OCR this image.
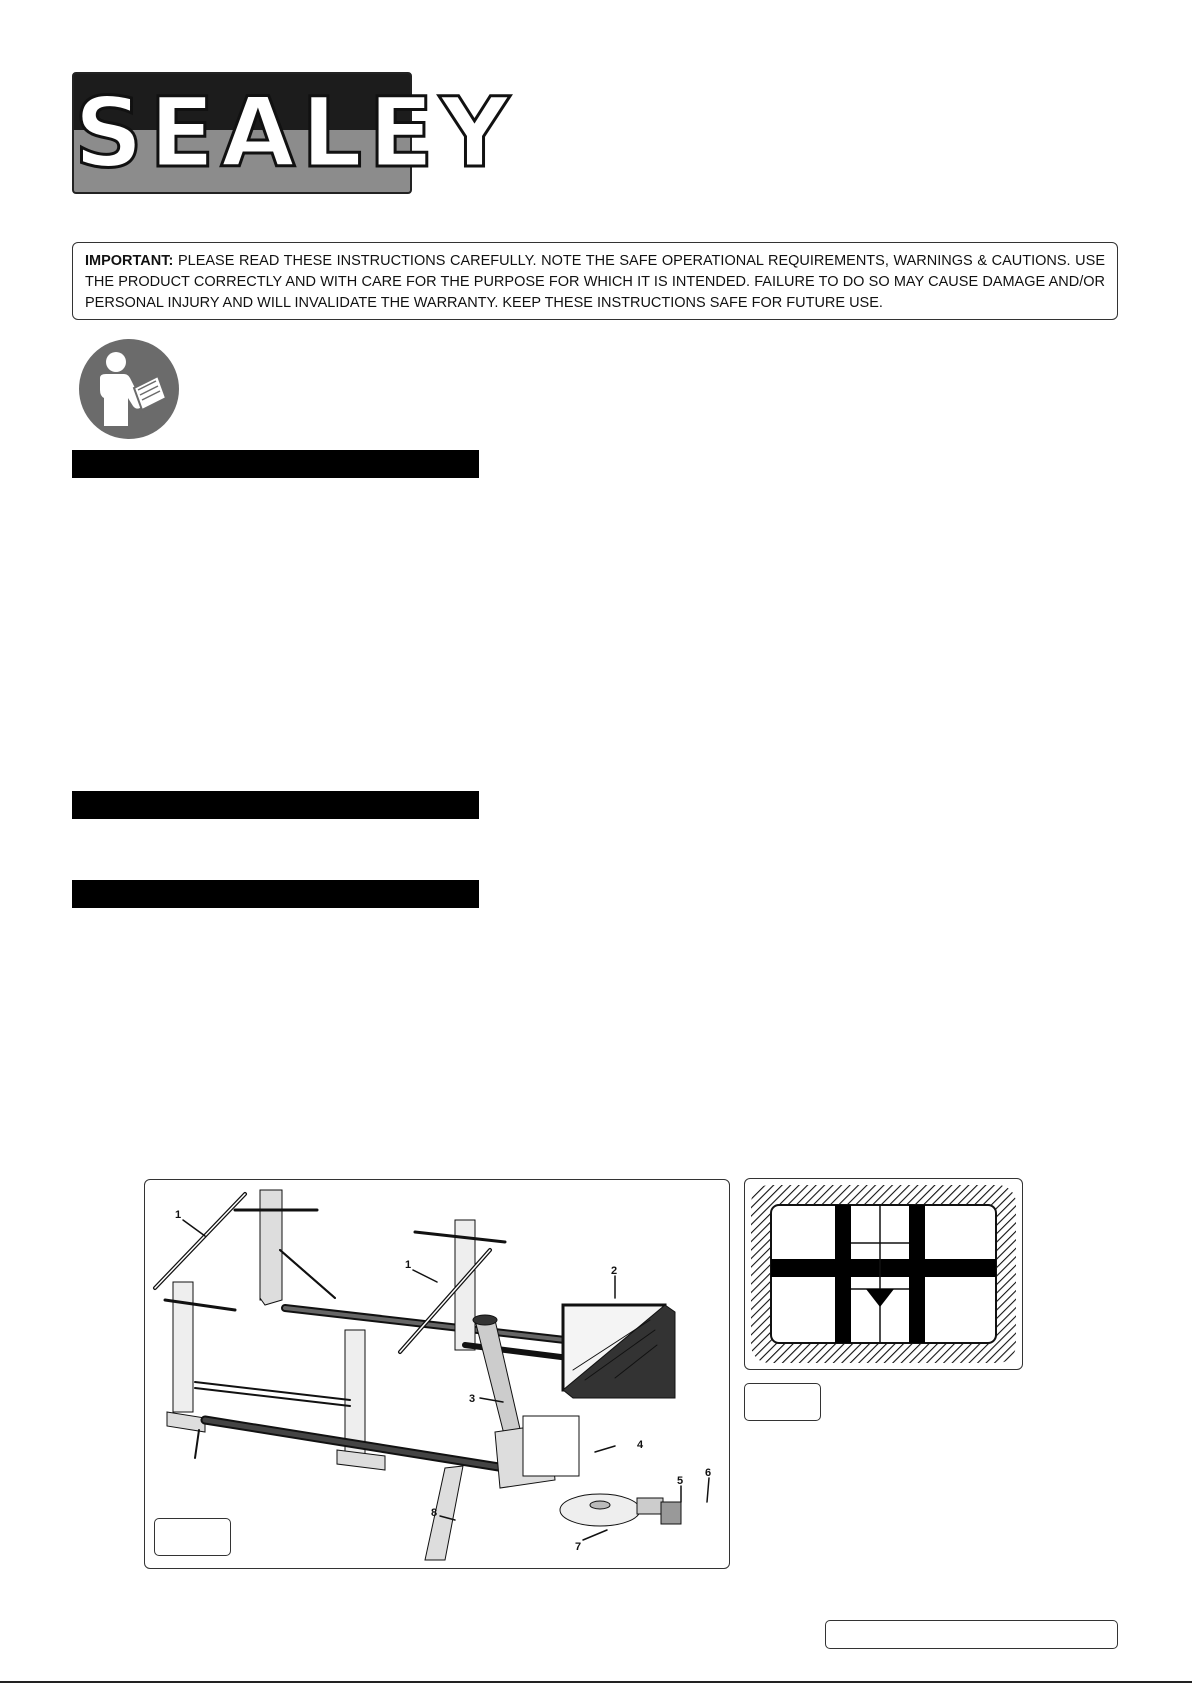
SEALEY
IMPORTANT: PLEASE READ THESE INSTRUCTIONS CAREFULLY. NOTE THE SAFE OPERATIONAL REQUIREMENTS, WARNINGS & CAUTIONS. USE THE PRODUCT CORRECTLY AND WITH CARE FOR THE PURPOSE FOR WHICH IT IS INTENDED. FAILURE TO DO SO MAY CAUSE DAMAGE AND/OR PERSONAL INJURY AND WILL INVALIDATE THE WARRANTY. KEEP THESE INSTRUCTIONS SAFE FOR FUTURE USE.
1
1	2
3
4
5
6
7
8
